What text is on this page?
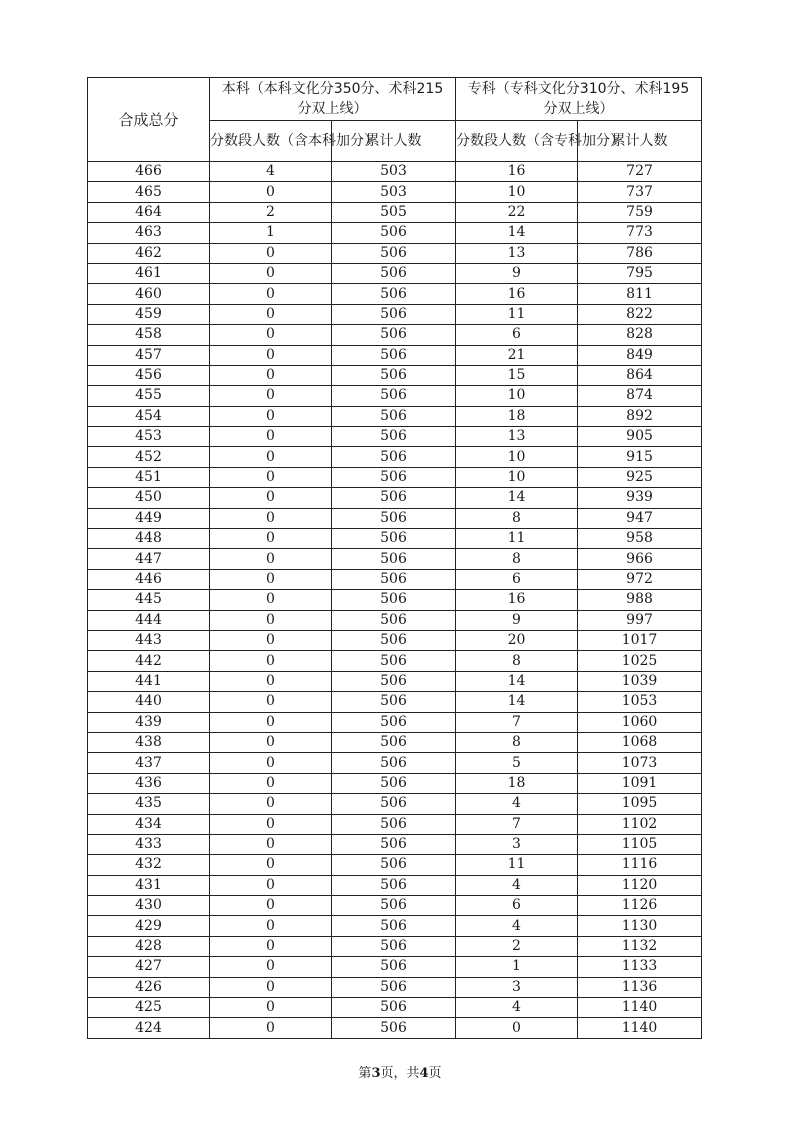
合成总分	本科（本科文化分350分、术科215
分双上线）		专科（专科文化分310分、术科195
分双上线）	

	分数段人数（含本科加分）	累计人数	分数段人数（含专科加分）	累计人数
466	4	503	16	727
465	0	503	10	737
464	2	505	22	759
463	1	506	14	773
462	0	506	13	786
461	0	506	9	795
460	0	506	16	811
459	0	506	11	822
458	0	506	6	828
457	0	506	21	849
456	0	506	15	864
455	0	506	10	874
454	0	506	18	892
453	0	506	13	905
452	0	506	10	915
451	0	506	10	925
450	0	506	14	939
449	0	506	8	947
448	0	506	11	958
447	0	506	8	966
446	0	506	6	972
445	0	506	16	988
444	0	506	9	997
443	0	506	20	1017
442	0	506	8	1025
441	0	506	14	1039
440	0	506	14	1053
439	0	506	7	1060
438	0	506	8	1068
437	0	506	5	1073
436	0	506	18	1091
435	0	506	4	1095
434	0	506	7	1102
433	0	506	3	1105
432	0	506	11	1116
431	0	506	4	1120
430	0	506	6	1126
429	0	506	4	1130
428	0	506	2	1132
427	0	506	1	1133
426	0	506	3	1136
425	0	506	4	1140
424	0	506	0	1140
第3页，共4页
